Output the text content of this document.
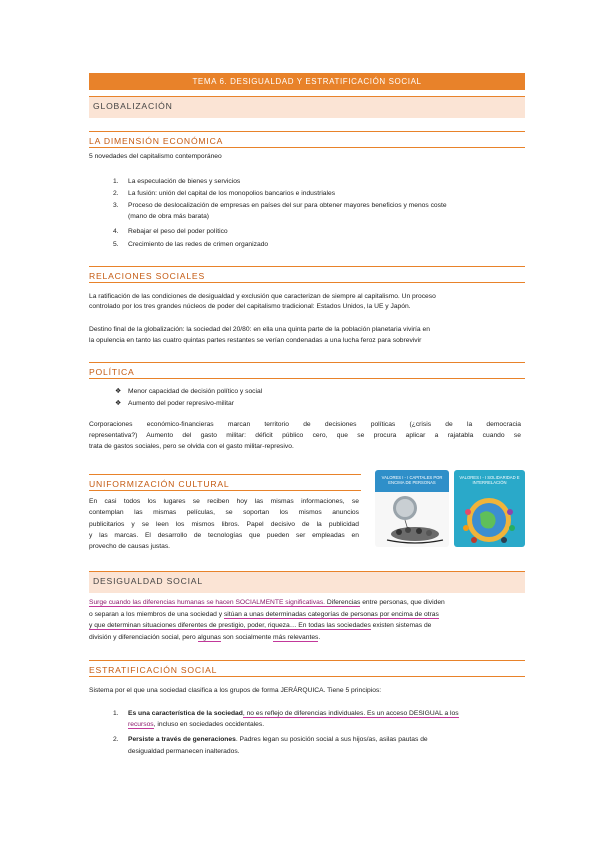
TEMA 6. DESIGUALDAD Y ESTRATIFICACIÓN SOCIAL
GLOBALIZACIÓN
LA DIMENSIÓN ECONÓMICA
5 novedades del capitalismo contemporáneo
1. La especulación de bienes y servicios
2. La fusión: unión del capital de los monopolios bancarios e industriales
3. Proceso de deslocalización de empresas en países del sur para obtener mayores beneficios y menos coste
(mano de obra más barata)
4. Rebajar el peso del poder político
5. Crecimiento de las redes de crimen organizado
RELACIONES SOCIALES
La ratificación de las condiciones de desigualdad y exclusión que caracterizan de siempre al capitalismo. Un proceso
controlado por los tres grandes núcleos de poder del capitalismo tradicional: Estados Unidos, la UE y Japón.
Destino final de la globalización: la sociedad del 20/80: en ella una quinta parte de la población planetaria viviría en
la opulencia en tanto las cuatro quintas partes restantes se verían condenadas a una lucha feroz para sobrevivir
POLÍTICA
❖ Menor capacidad de decisión político y social
❖ Aumento del poder represivo-militar
Corporaciones económico-financieras marcan territorio de decisiones políticas (¿crisis de la democracia
representativa?) Aumento del gasto militar: déficit público cero, que se procura aplicar a rajatabla cuando se
trata de gastos sociales, pero se olvida con el gasto militar-represivo.
UNIFORMIZACIÓN CULTURAL
En casi todos los lugares se reciben hoy las mismas informaciones, se
contemplan las mismas películas, se soportan los mismos anuncios
publicitarios y se leen los mismos libros. Papel decisivo de la publicidad
y las marcas. El desarrollo de tecnologías que pueden ser empleadas en
provecho de causas justas.
VALORES I - I CAPITALES POR ENCIMA DE PERSONAS
VALORES I - I SOLIDARIDAD E INTERRELACIÓN
DESIGUALDAD SOCIAL
Surge cuando las diferencias humanas se hacen SOCIALMENTE significativas. Diferencias entre personas, que dividen
o separan a los miembros de una sociedad y sitúan a unas determinadas categorías de personas por encima de otras
y que determinan situaciones diferentes de prestigio, poder, riqueza… En todas las sociedades existen sistemas de
división y diferenciación social, pero algunas son socialmente más relevantes.
ESTRATIFICACIÓN SOCIAL
Sistema por el que una sociedad clasifica a los grupos de forma JERÁRQUICA. Tiene 5 principios:
1. Es una característica de la sociedad, no es reflejo de diferencias individuales. Es un acceso DESIGUAL a los
recursos, incluso en sociedades occidentales.
2. Persiste a través de generaciones. Padres legan su posición social a sus hijos/as, asilas pautas de
desigualdad permanecen inalterados.
